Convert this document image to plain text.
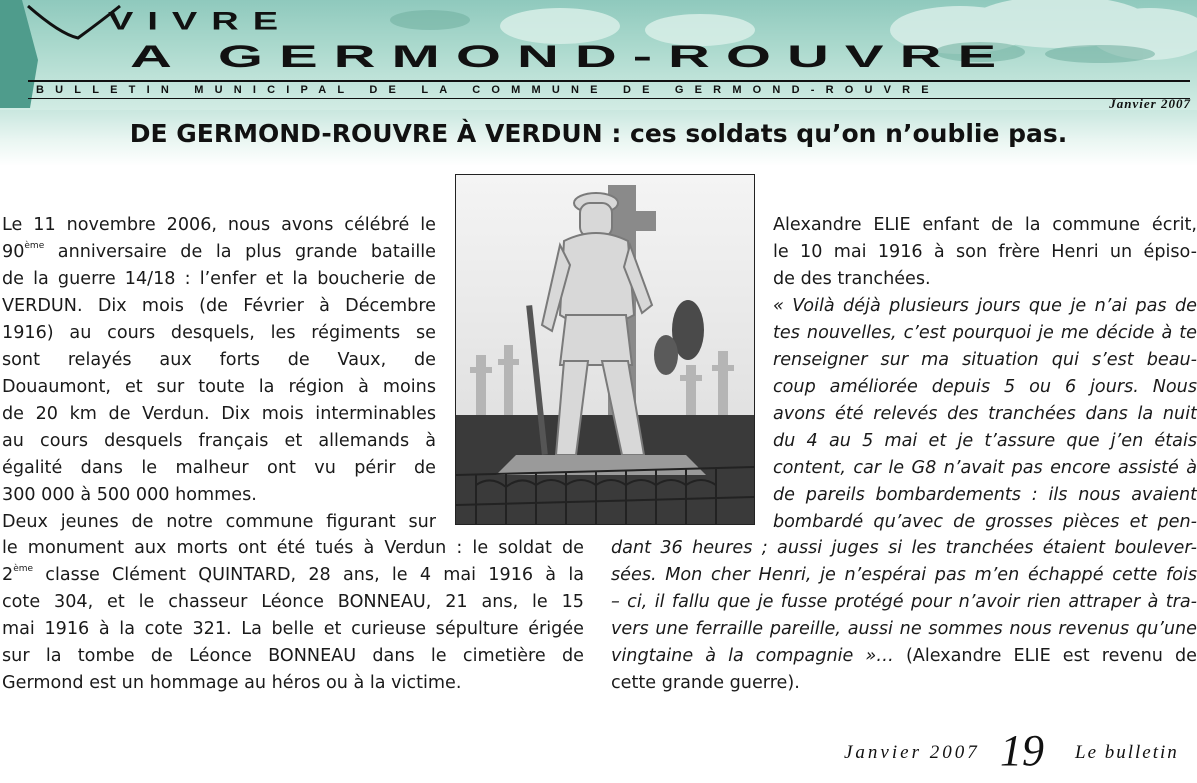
VIVRE
A GERMOND-ROUVRE
BULLETIN MUNICIPAL DE LA COMMUNE DE GERMOND-ROUVRE
Janvier 2007
DE GERMOND-ROUVRE À VERDUN : ces soldats qu’on n’oublie pas.
Le 11 novembre 2006, nous avons célébré le
90ème anniversaire de la plus grande bataille
de la guerre 14/18 : l’enfer et la boucherie de
VERDUN. Dix mois (de Février à Décembre
1916) au cours desquels, les régiments se
sont relayés aux forts de Vaux, de
Douaumont, et sur toute la région à moins
de 20 km de Verdun. Dix mois interminables
au cours desquels français et allemands à
égalité dans le malheur ont vu périr de
300 000 à 500 000 hommes.
Deux jeunes de notre commune figurant sur
le monument aux morts ont été tués à Verdun : le soldat de
2ème classe Clément QUINTARD, 28 ans, le 4 mai 1916 à la
cote 304, et le chasseur Léonce BONNEAU, 21 ans, le 15
mai 1916 à la cote 321. La belle et curieuse sépulture érigée
sur la tombe de Léonce BONNEAU dans le cimetière de
Germond est un hommage au héros ou à la victime.
Alexandre ELIE enfant de la commune écrit,
le 10 mai 1916 à son frère Henri un épiso-
de des tranchées.
« Voilà déjà plusieurs jours que je n’ai pas de
tes nouvelles, c’est pourquoi je me décide à te
renseigner sur ma situation qui s’est beau-
coup améliorée depuis 5 ou 6 jours. Nous
avons été relevés des tranchées dans la nuit
du 4 au 5 mai et je t’assure que j’en étais
content, car le G8 n’avait pas encore assisté à
de pareils bombardements : ils nous avaient
bombardé qu’avec de grosses pièces et pen-
dant 36 heures ; aussi juges si les tranchées étaient boulever-
sées. Mon cher Henri, je n’espérai pas m’en échappé cette fois
– ci, il fallu que je fusse protégé pour n’avoir rien attraper à tra-
vers une ferraille pareille, aussi ne sommes nous revenus qu’une
vingtaine à la compagnie »… (Alexandre ELIE est revenu de
cette grande guerre).
Janvier 2007 19 Le bulletin
